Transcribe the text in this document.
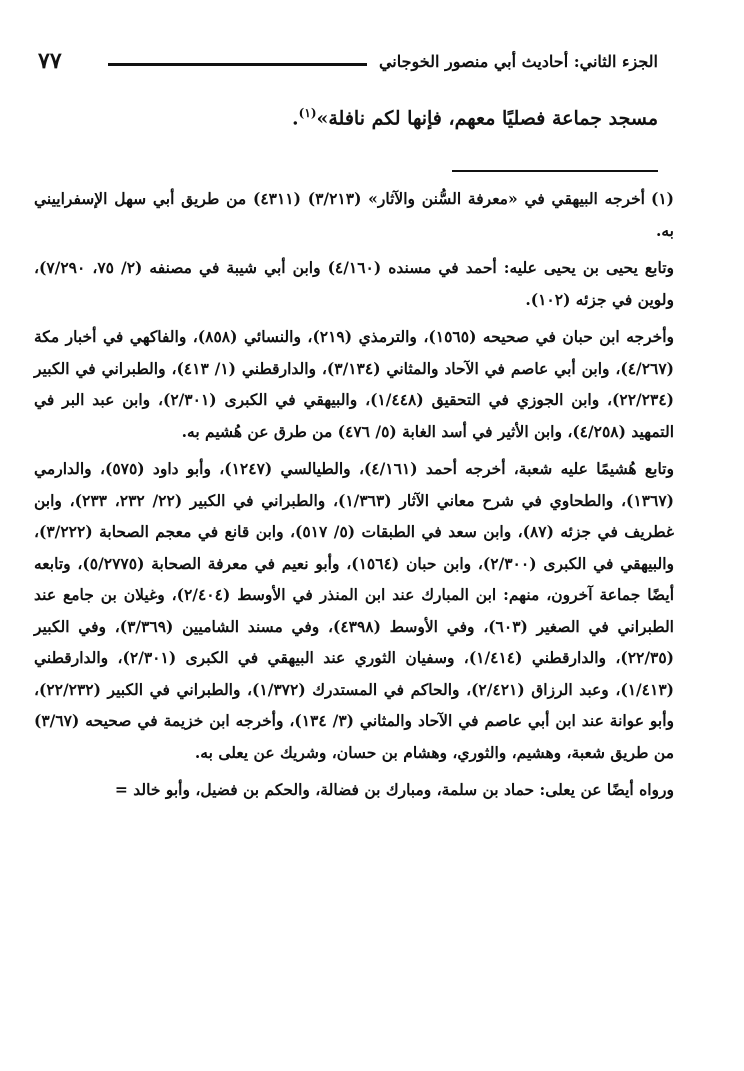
٧٧	الجزء الثاني: أحاديث أبي منصور الخوجاني
مسجد جماعة فصليًا معهم، فإنها لكم نافلة»$^{(١)}$.

(١)أخرجه البيهقي في «معرفة السُّنن والآثار» (٣/٢١٣) (٤٣١١) من طريق أبي سهل الإسفراييني به.

وتابع يحيى بن يحيى عليه: أحمد في مسنده (٤/١٦٠) وابن أبي شيبة في مصنفه (٢/ ٧٥، ٧/٢٩٠)، ولوين في جزئه (١٠٢).

وأخرجه ابن حبان في صحيحه (١٥٦٥)، والترمذي (٢١٩)، والنسائي (٨٥٨)، والفاكهي في أخبار مكة (٤/٢٦٧)، وابن أبي عاصم في الآحاد والمثاني (٣/١٣٤)، والدارقطني (١/ ٤١٣)، والطبراني في الكبير (٢٢/٢٣٤)، وابن الجوزي في التحقيق (١/٤٤٨)، والبيهقي في الكبرى (٢/٣٠١)، وابن عبد البر في التمهيد (٤/٢٥٨)، وابن الأثير في أسد الغابة (٥/ ٤٧٦) من طرق عن هُشيم به.

وتابع هُشيمًا عليه شعبة، أخرجه أحمد (٤/١٦١)، والطيالسي (١٢٤٧)، وأبو داود (٥٧٥)، والدارمي (١٣٦٧)، والطحاوي في شرح معاني الآثار (١/٣٦٣)، والطبراني في الكبير (٢٢/ ٢٣٢، ٢٣٣)، وابن غطريف في جزئه (٨٧)، وابن سعد في الطبقات (٥/ ٥١٧)، وابن قانع في معجم الصحابة (٣/٢٢٢)، والبيهقي في الكبرى (٢/٣٠٠)، وابن حبان (١٥٦٤)، وأبو نعيم في معرفة الصحابة (٥/٢٧٧٥)، وتابعه أيضًا جماعة آخرون، منهم: ابن المبارك عند ابن المنذر في الأوسط (٢/٤٠٤)، وغيلان بن جامع عند الطبراني في الصغير (٦٠٣)، وفي الأوسط (٤٣٩٨)، وفي مسند الشاميين (٣/٣٦٩)، وفي الكبير (٢٢/٣٥)، والدارقطني (١/٤١٤)، وسفيان الثوري عند البيهقي في الكبرى (٢/٣٠١)، والدارقطني (١/٤١٣)، وعبد الرزاق (٢/٤٢١)، والحاكم في المستدرك (١/٣٧٢)، والطبراني في الكبير (٢٢/٢٣٢)، وأبو عوانة عند ابن أبي عاصم في الآحاد والمثاني (٣/ ١٣٤)، وأخرجه ابن خزيمة في صحيحه (٣/٦٧) من طريق شعبة، وهشيم، والثوري، وهشام بن حسان، وشريك عن يعلى به.

ورواه أيضًا عن يعلى: حماد بن سلمة، ومبارك بن فضالة، والحكم بن فضيل، وأبو خالد =
